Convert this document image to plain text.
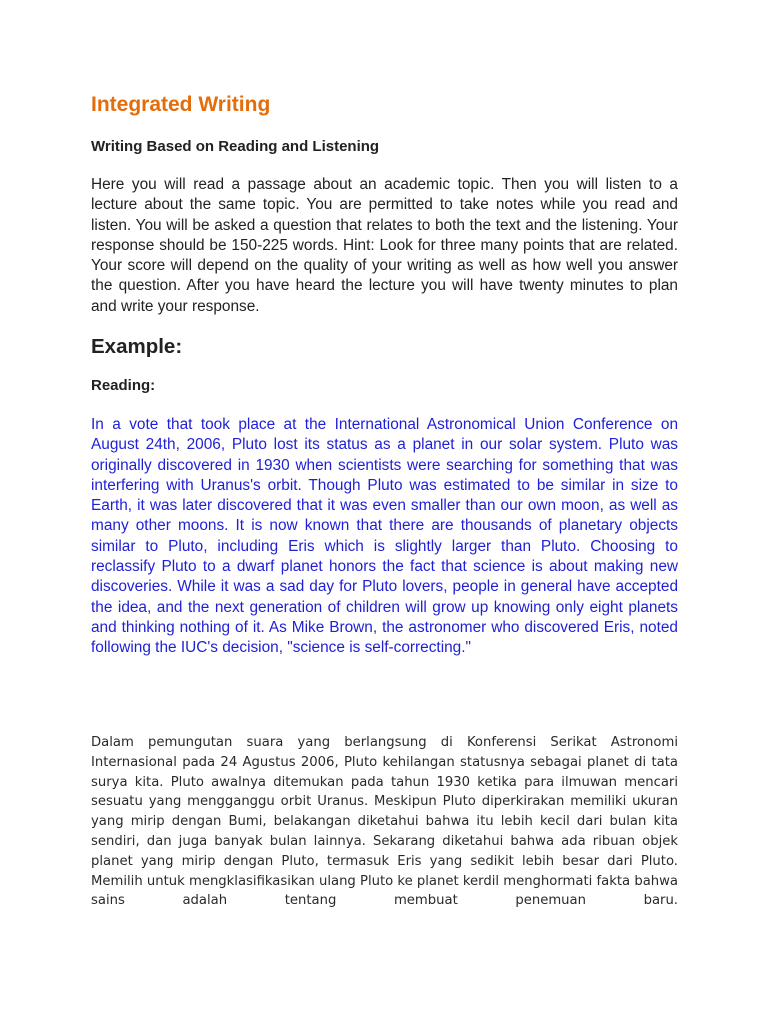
Integrated Writing
Writing Based on Reading and Listening

Here you will read a passage about an academic topic. Then you will listen to a lecture about the same topic. You are permitted to take notes while you read and listen. You will be asked a question that relates to both the text and the listening. Your response should be 150-225 words. Hint: Look for three many points that are related. Your score will depend on the quality of your writing as well as how well you answer the question. After you have heard the lecture you will have twenty minutes to plan and write your response.

Example:
Reading:

In a vote that took place at the International Astronomical Union Conference on August 24th, 2006, Pluto lost its status as a planet in our solar system. Pluto was originally discovered in 1930 when scientists were searching for something that was interfering with Uranus's orbit. Though Pluto was estimated to be similar in size to Earth, it was later discovered that it was even smaller than our own moon, as well as many other moons. It is now known that there are thousands of planetary objects similar to Pluto, including Eris which is slightly larger than Pluto. Choosing to reclassify Pluto to a dwarf planet honors the fact that science is about making new discoveries. While it was a sad day for Pluto lovers, people in general have accepted the idea, and the next generation of children will grow up knowing only eight planets and thinking nothing of it. As Mike Brown, the astronomer who discovered Eris, noted following the IUC's decision, "science is self-correcting."

Dalam pemungutan suara yang berlangsung di Konferensi Serikat Astronomi Internasional pada 24 Agustus 2006, Pluto kehilangan statusnya sebagai planet di tata surya kita. Pluto awalnya ditemukan pada tahun 1930 ketika para ilmuwan mencari sesuatu yang mengganggu orbit Uranus. Meskipun Pluto diperkirakan memiliki ukuran yang mirip dengan Bumi, belakangan diketahui bahwa itu lebih kecil dari bulan kita sendiri, dan juga banyak bulan lainnya. Sekarang diketahui bahwa ada ribuan objek planet yang mirip dengan Pluto, termasuk Eris yang sedikit lebih besar dari Pluto. Memilih untuk mengklasifikasikan ulang Pluto ke planet kerdil menghormati fakta bahwa sains adalah tentang membuat penemuan baru.
